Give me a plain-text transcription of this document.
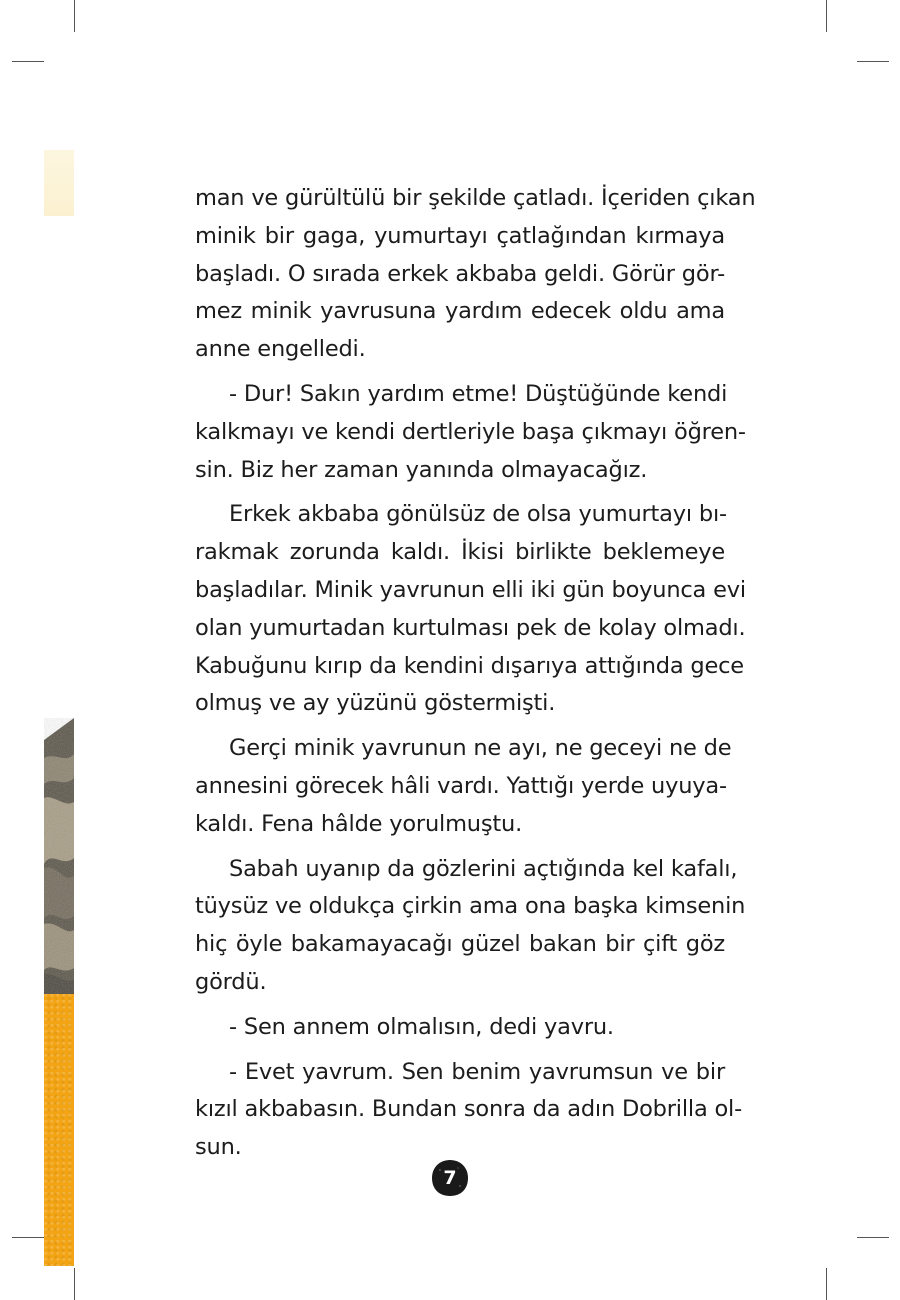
man ve gürültülü bir şekilde çatladı. İçeriden çıkan
minik bir gaga, yumurtayı çatlağından kırmaya
başladı. O sırada erkek akbaba geldi. Görür gör-
mez minik yavrusuna yardım edecek oldu ama
anne engelledi.
- Dur! Sakın yardım etme! Düştüğünde kendi
kalkmayı ve kendi dertleriyle başa çıkmayı öğren-
sin. Biz her zaman yanında olmayacağız.
Erkek akbaba gönülsüz de olsa yumurtayı bı-
rakmak zorunda kaldı. İkisi birlikte beklemeye
başladılar. Minik yavrunun elli iki gün boyunca evi
olan yumurtadan kurtulması pek de kolay olmadı.
Kabuğunu kırıp da kendini dışarıya attığında gece
olmuş ve ay yüzünü göstermişti.
Gerçi minik yavrunun ne ayı, ne geceyi ne de
annesini görecek hâli vardı. Yattığı yerde uyuya-
kaldı. Fena hâlde yorulmuştu.
Sabah uyanıp da gözlerini açtığında kel kafalı,
tüysüz ve oldukça çirkin ama ona başka kimsenin
hiç öyle bakamayacağı güzel bakan bir çift göz
gördü.
- Sen annem olmalısın, dedi yavru.
- Evet yavrum. Sen benim yavrumsun ve bir
kızıl akbabasın. Bundan sonra da adın Dobrilla ol-
sun.
7
